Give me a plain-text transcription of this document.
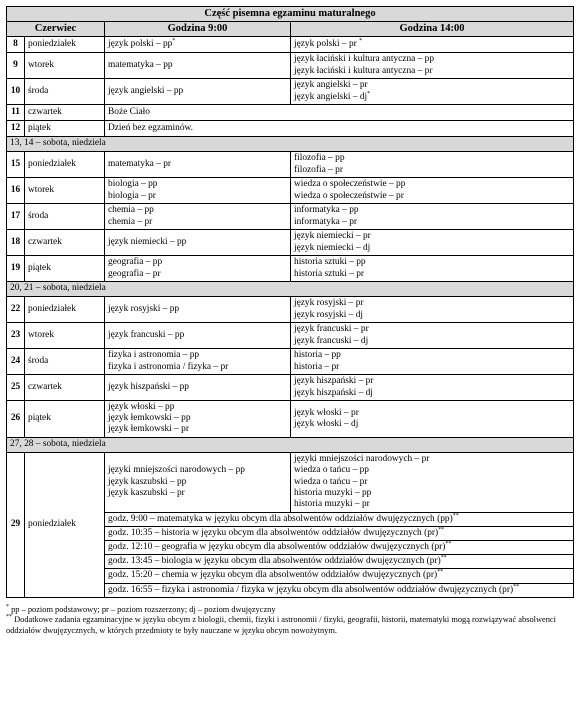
Część pisemna egzaminu maturalnego			
Czerwiec		Godzina 9:00	Godzina 14:00
8	poniedziałek	język polski – pp*	język polski – pr *

9	wtorek	matematyka – pp	język łaciński i kultura antyczna – pp
język łaciński i kultura antyczna – pr

10	środa	język angielski – pp	język angielski – pr
język angielski – dj*

11	czwartek	Boże Ciało	

12	piątek	Dzień bez egzaminów.	

13, 14 – sobota, niedziela			
15	poniedziałek	matematyka – pr	filozofia – pp
filozofia – pr

16	wtorek	biologia – pp
biologia – pr	wiedza o społeczeństwie – pp
wiedza o społeczeństwie – pr

17	środa	chemia – pp
chemia – pr	informatyka – pp
informatyka – pr

18	czwartek	język niemiecki – pp	język niemiecki – pr
język niemiecki – dj

19	piątek	geografia – pp
geografia – pr	historia sztuki – pp
historia sztuki – pr

20, 21 – sobota, niedziela			
22	poniedziałek	język rosyjski – pp	język rosyjski – pr
język rosyjski – dj

23	wtorek	język francuski – pp	język francuski – pr
język francuski – dj

24	środa	fizyka i astronomia – pp
fizyka i astronomia / fizyka – pr	historia – pp
historia – pr

25	czwartek	język hiszpański – pp	język hiszpański – pr
język hiszpański – dj

26	piątek	język włoski – pp
język łemkowski – pp
język łemkowski – pr	język włoski – pr
język włoski – dj

27, 28 – sobota, niedziela			
29	poniedziałek	języki mniejszości narodowych – pp
język kaszubski – pp
język kaszubski – pr	języki mniejszości narodowych – pr
wiedza o tańcu – pp
wiedza o tańcu – pr
historia muzyki – pp
historia muzyki – pr

		godz. 9:00 – matematyka w języku obcym dla absolwentów oddziałów dwujęzycznych (pp)**

		godz. 10:35 – historia w języku obcym dla absolwentów oddziałów dwujęzycznych (pr)**

		godz. 12:10 – geografia w języku obcym dla absolwentów oddziałów dwujęzycznych (pr)**

		godz. 13:45 – biologia w języku obcym dla absolwentów oddziałów dwujęzycznych (pr)**

		godz. 15:20 – chemia w języku obcym dla absolwentów oddziałów dwujęzycznych (pr)**

		godz. 16:55 – fizyka i astronomia / fizyka w języku obcym dla absolwentów oddziałów dwujęzycznych (pr)**
* pp – poziom podstawowy; pr – poziom rozszerzony; dj – poziom dwujęzyczny
** Dodatkowe zadania egzaminacyjne w języku obcym z biologii, chemii, fizyki i astronomii / fizyki, geografii, historii, matematyki mogą rozwiązywać absolwenci oddziałów dwujęzycznych, w których przedmioty te były nauczane w języku obcym nowożytnym.
